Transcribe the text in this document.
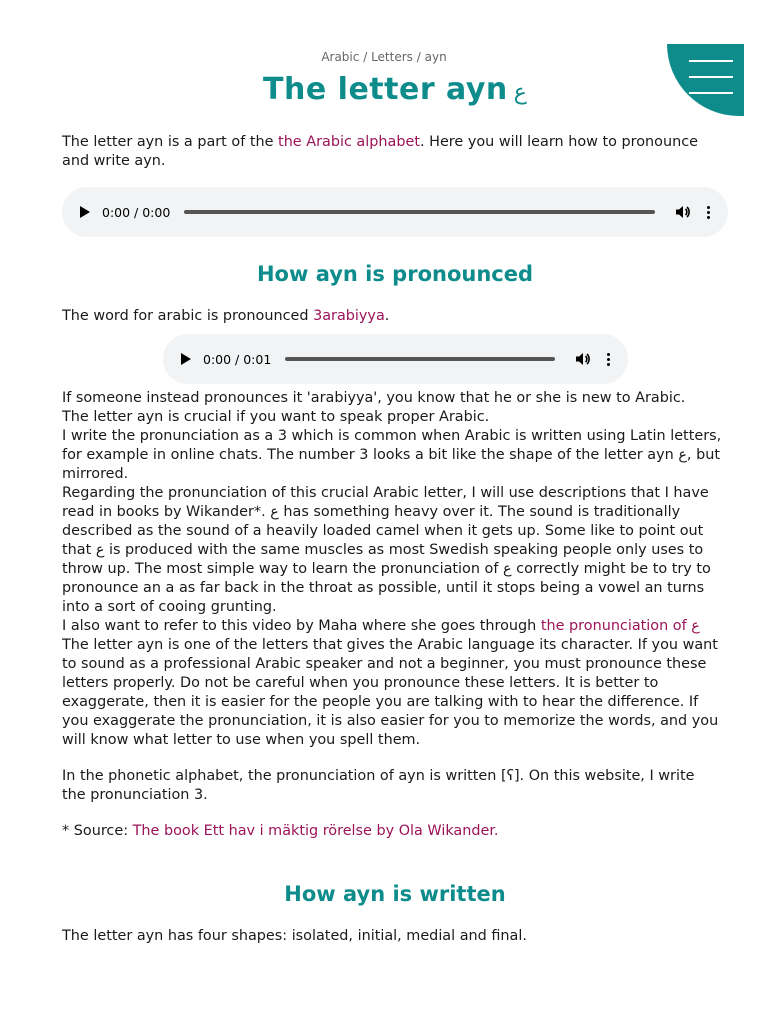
Arabic / Letters / ayn
The letter ayn ع

The letter ayn is a part of the the Arabic alphabet. Here you will learn how to pronounce and write ayn.

0:00 / 0:00
How ayn is pronounced

The word for arabic is pronounced 3arabiyya.

0:00 / 0:01

If someone instead pronounces it 'arabiyya', you know that he or she is new to Arabic.

The letter ayn is crucial if you want to speak proper Arabic.

I write the pronunciation as a 3 which is common when Arabic is written using Latin letters, for example in online chats. The number 3 looks a bit like the shape of the letter ayn ع, but mirrored.

Regarding the pronunciation of this crucial Arabic letter, I will use descriptions that I have read in books by Wikander*. ع has something heavy over it. The sound is traditionally described as the sound of a heavily loaded camel when it gets up. Some like to point out that ع is produced with the same muscles as most Swedish speaking people only uses to throw up. The most simple way to learn the pronunciation of ع correctly might be to try to pronounce an a as far back in the throat as possible, until it stops being a vowel an turns into a sort of cooing grunting.

I also want to refer to this video by Maha where she goes through the pronunciation of ع

The letter ayn is one of the letters that gives the Arabic language its character. If you want to sound as a professional Arabic speaker and not a beginner, you must pronounce these letters properly. Do not be careful when you pronounce these letters. It is better to exaggerate, then it is easier for the people you are talking with to hear the difference. If you exaggerate the pronunciation, it is also easier for you to memorize the words, and you will know what letter to use when you spell them.

In the phonetic alphabet, the pronunciation of ayn is written [ʕ]. On this website, I write the pronunciation 3.

* Source: The book Ett hav i mäktig rörelse by Ola Wikander.

How ayn is written

The letter ayn has four shapes: isolated, initial, medial and final.
